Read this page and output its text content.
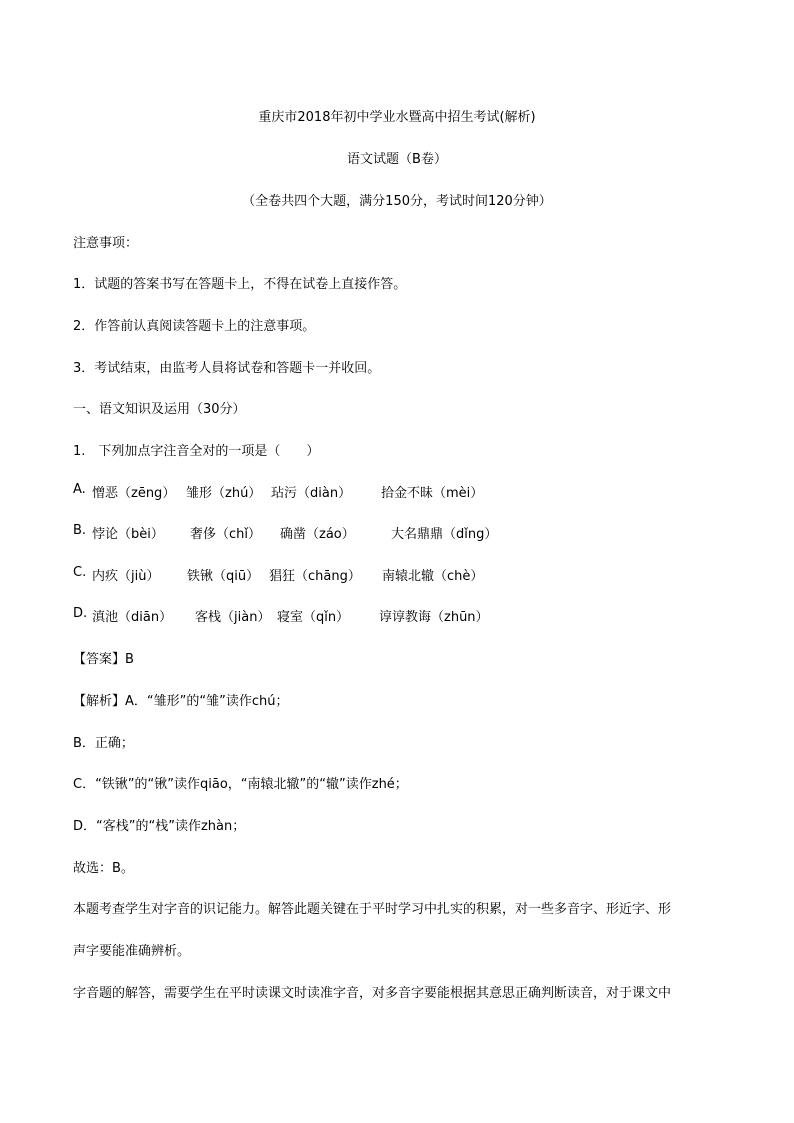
重庆市2018年初中学业水暨高中招生考试(解析)
语文试题（B卷）
（全卷共四个大题，满分150分，考试时间120分钟）
注意事项：
1．试题的答案书写在答题卡上，不得在试卷上直接作答。
2．作答前认真阅读答题卡上的注意事项。
3．考试结束，由监考人員将试卷和答题卡一并收回。
一、语文知识及运用（30分）
1.　下列加点字注音全对的一项是（　　）
A. 憎恶（zēng） 雏形（zhú） 玷污（diàn） 拾金不昧（mèi）
B. 悖论（bèi） 奢侈（chǐ） 确凿（záo）	大名鼎鼎（dǐng）
C. 内疚（jiù） 铁锹（qiū） 猖狂（chāng） 南辕北辙（chè）
D. 滇池（diān） 客栈（jiàn） 寝室（qǐn） 谆谆教诲（zhūn）
【答案】B
【解析】A．“雏形”的“雏”读作chú；
B．正确；
C．“铁锹”的“锹”读作qiāo，“南辕北辙”的“辙”读作zhé；
D．“客栈”的“栈”读作zhàn；
故选：B。
本题考查学生对字音的识记能力。解答此题关键在于平时学习中扎实的积累，对一些多音字、形近字、形
声字要能准确辨析。
字音题的解答，需要学生在平时读课文时读准字音，对多音字要能根据其意思正确判断读音，对于课文中
